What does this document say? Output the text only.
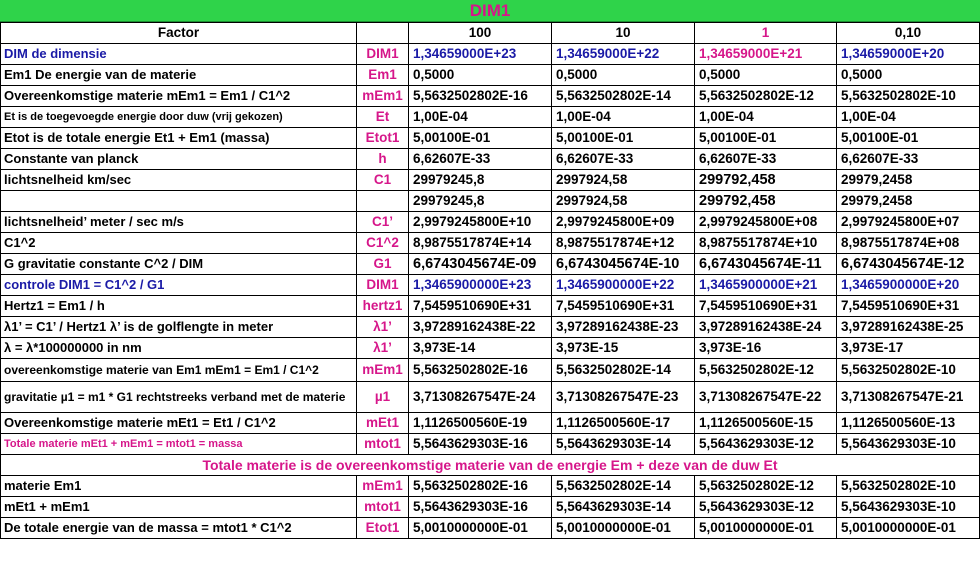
DIM1
Factor		100	10	1	0,10
DIM de dimensie	DIM1	1,34659000E+23	1,34659000E+22	1,34659000E+21	1,34659000E+20
Em1 De energie van de materie	Em1	0,5000	0,5000	0,5000	0,5000
Overeenkomstige materie mEm1 = Em1 / C1^2	mEm1	5,5632502802E-16	5,5632502802E-14	5,5632502802E-12	5,5632502802E-10
Et is de toegevoegde energie door duw (vrij gekozen)	Et	1,00E-04	1,00E-04	1,00E-04	1,00E-04
Etot is de totale energie Et1 + Em1 (massa)	Etot1	5,00100E-01	5,00100E-01	5,00100E-01	5,00100E-01
Constante van planck	h	6,62607E-33	6,62607E-33	6,62607E-33	6,62607E-33
lichtsnelheid km/sec	C1	29979245,8	2997924,58	299792,458	29979,2458
		29979245,8	2997924,58	299792,458	29979,2458
lichtsnelheid’ meter / sec m/s	C1’	2,9979245800E+10	2,9979245800E+09	2,9979245800E+08	2,9979245800E+07
C1^2	C1^2	8,9875517874E+14	8,9875517874E+12	8,9875517874E+10	8,9875517874E+08
G gravitatie constante C^2 / DIM	G1	6,6743045674E-09	6,6743045674E-10	6,6743045674E-11	6,6743045674E-12
controle DIM1 = C1^2 / G1	DIM1	1,3465900000E+23	1,3465900000E+22	1,3465900000E+21	1,3465900000E+20
Hertz1 = Em1 / h	hertz1	7,5459510690E+31	7,5459510690E+31	7,5459510690E+31	7,5459510690E+31
λ1’ = C1’ / Hertz1 λ’ is de golflengte in meter	λ1’	3,97289162438E-22	3,97289162438E-23	3,97289162438E-24	3,97289162438E-25
λ = λ*100000000 in nm	λ1’	3,973E-14	3,973E-15	3,973E-16	3,973E-17
overeenkomstige materie van Em1 mEm1 = Em1 / C1^2	mEm1	5,5632502802E-16	5,5632502802E-14	5,5632502802E-12	5,5632502802E-10
gravitatie µ1 = m1 * G1 rechtstreeks verband met de materie	µ1	3,71308267547E-24	3,71308267547E-23	3,71308267547E-22	3,71308267547E-21
Overeenkomstige materie mEt1 = Et1 / C1^2	mEt1	1,1126500560E-19	1,1126500560E-17	1,1126500560E-15	1,1126500560E-13
Totale materie mEt1 + mEm1 = mtot1 = massa	mtot1	5,5643629303E-16	5,5643629303E-14	5,5643629303E-12	5,5643629303E-10
Totale materie is de overeenkomstige materie van de energie Em + deze van de duw Et					
materie Em1	mEm1	5,5632502802E-16	5,5632502802E-14	5,5632502802E-12	5,5632502802E-10
mEt1 + mEm1	mtot1	5,5643629303E-16	5,5643629303E-14	5,5643629303E-12	5,5643629303E-10
De totale energie van de massa = mtot1 * C1^2	Etot1	5,0010000000E-01	5,0010000000E-01	5,0010000000E-01	5,0010000000E-01
